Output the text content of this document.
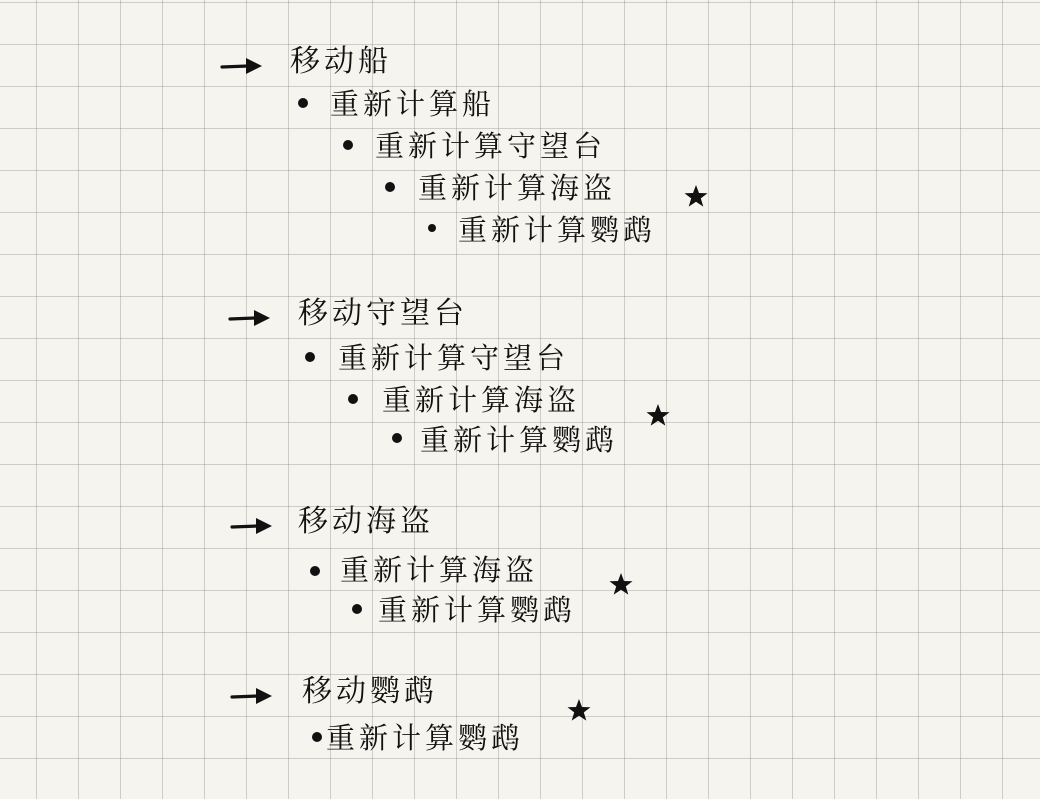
移动船
重新计算船
重新计算守望台
重新计算海盗
重新计算鹦鹉
移动守望台
重新计算守望台
重新计算海盗
重新计算鹦鹉
移动海盗
重新计算海盗
重新计算鹦鹉
移动鹦鹉
重新计算鹦鹉
